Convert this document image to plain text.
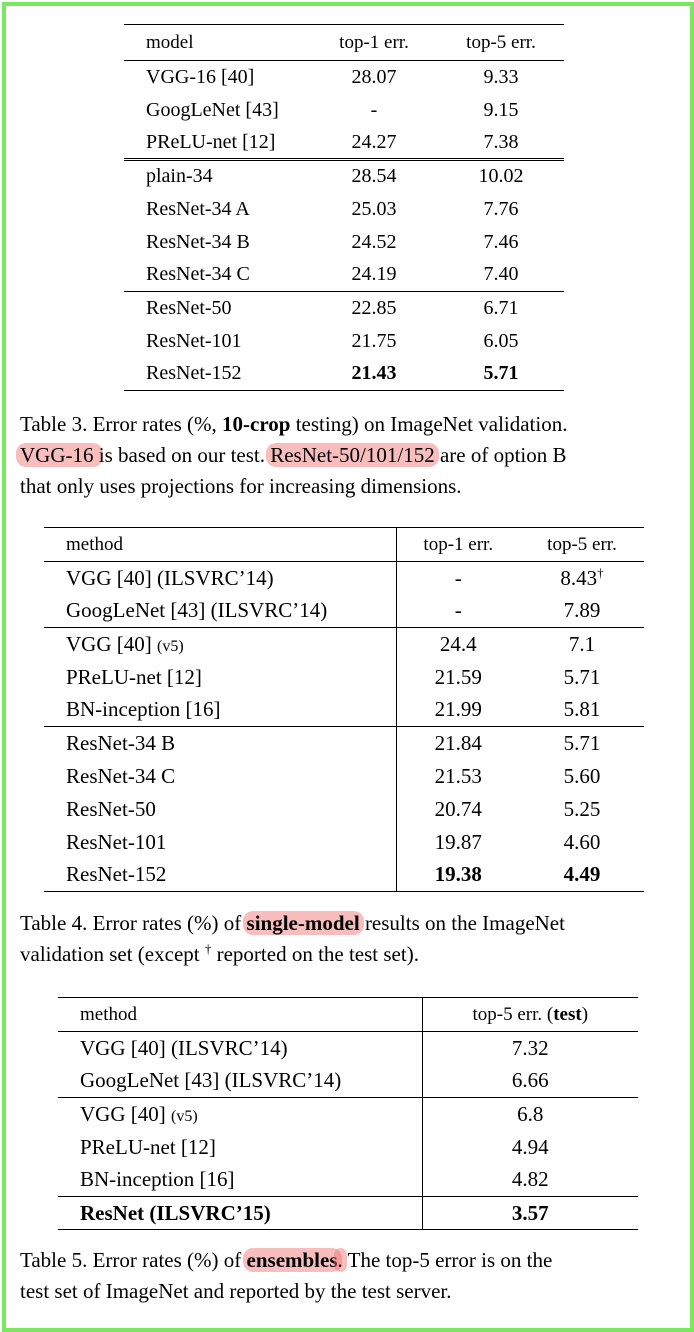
model	top-1 err.	top-5 err.
VGG-16 [40]	28.07	9.33
GoogLeNet [43]	-	9.15
PReLU-net [12]	24.27	7.38
plain-34	28.54	10.02
ResNet-34 A	25.03	7.76
ResNet-34 B	24.52	7.46
ResNet-34 C	24.19	7.40
ResNet-50	22.85	6.71
ResNet-101	21.75	6.05
ResNet-152	21.43	5.71
Table 3. Error rates (%, 10-crop testing) on ImageNet validation.
VGG-16 is based on our test. ResNet-50/101/152 are of option B
that only uses projections for increasing dimensions.
method	top-1 err.	top-5 err.
VGG [40] (ILSVRC’14)	-	8.43†
GoogLeNet [43] (ILSVRC’14)	-	7.89
VGG [40] (v5)	24.4	7.1
PReLU-net [12]	21.59	5.71
BN-inception [16]	21.99	5.81
ResNet-34 B	21.84	5.71
ResNet-34 C	21.53	5.60
ResNet-50	20.74	5.25
ResNet-101	19.87	4.60
ResNet-152	19.38	4.49
Table 4. Error rates (%) of single-model results on the ImageNet
validation set (except † reported on the test set).
method	top-5 err. (test)
VGG [40] (ILSVRC’14)	7.32
GoogLeNet [43] (ILSVRC’14)	6.66
VGG [40] (v5)	6.8
PReLU-net [12]	4.94
BN-inception [16]	4.82
ResNet (ILSVRC’15)	3.57
Table 5. Error rates (%) of ensembles. The top-5 error is on the
test set of ImageNet and reported by the test server.
